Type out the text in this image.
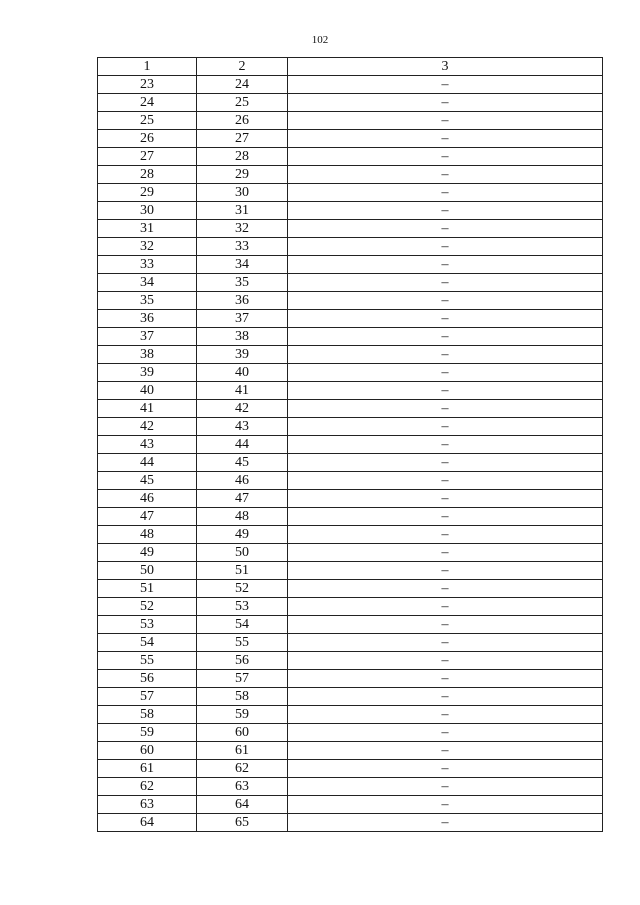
102
1	2	3
23	24	–
24	25	–
25	26	–
26	27	–
27	28	–
28	29	–
29	30	–
30	31	–
31	32	–
32	33	–
33	34	–
34	35	–
35	36	–
36	37	–
37	38	–
38	39	–
39	40	–
40	41	–
41	42	–
42	43	–
43	44	–
44	45	–
45	46	–
46	47	–
47	48	–
48	49	–
49	50	–
50	51	–
51	52	–
52	53	–
53	54	–
54	55	–
55	56	–
56	57	–
57	58	–
58	59	–
59	60	–
60	61	–
61	62	–
62	63	–
63	64	–
64	65	–
